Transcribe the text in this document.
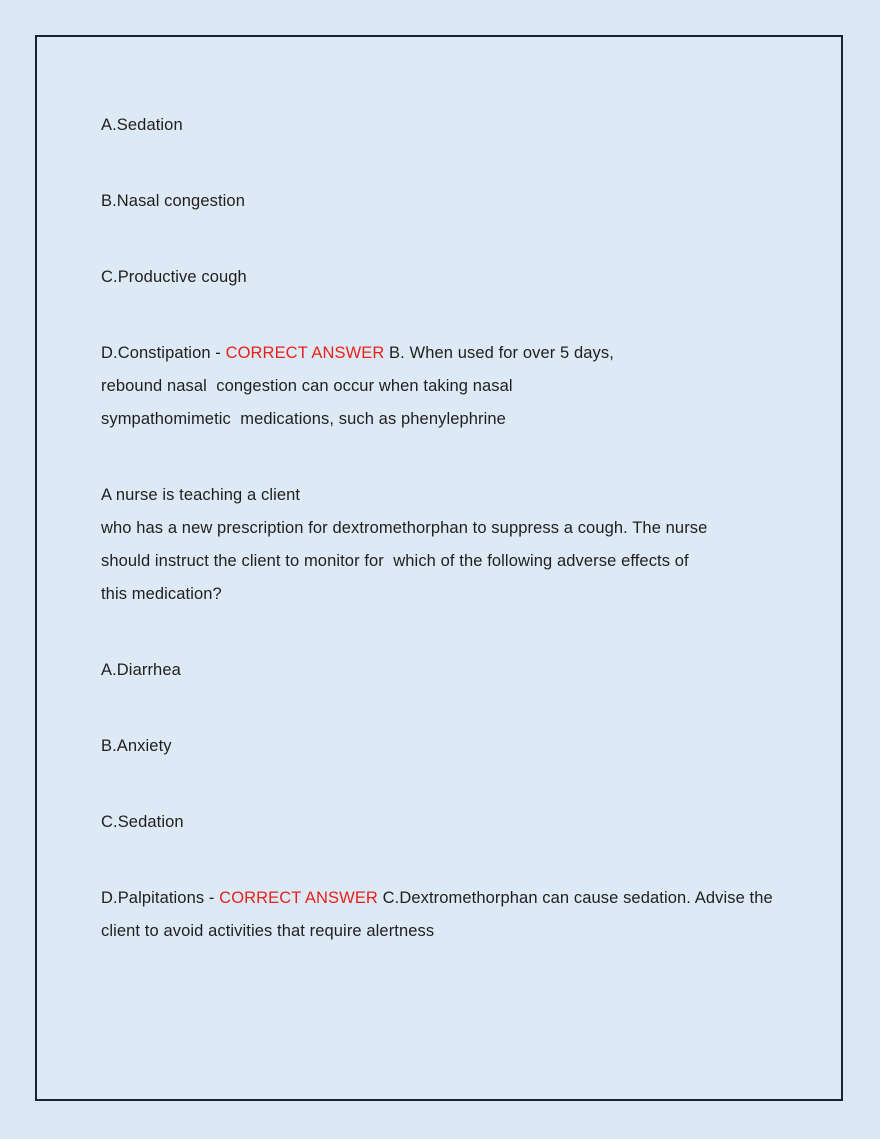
A.Sedation
B.Nasal congestion
C.Productive cough
D.Constipation - CORRECT ANSWER B. When used for over 5 days,
rebound nasal  congestion can occur when taking nasal
sympathomimetic  medications, such as phenylephrine
A nurse is teaching a client
who has a new prescription for dextromethorphan to suppress a cough. The nurse
should instruct the client to monitor for  which of the following adverse effects of
this medication?
A.Diarrhea
B.Anxiety
C.Sedation
D.Palpitations - CORRECT ANSWER C.Dextromethorphan can cause sedation. Advise the
client to avoid activities that require alertness
